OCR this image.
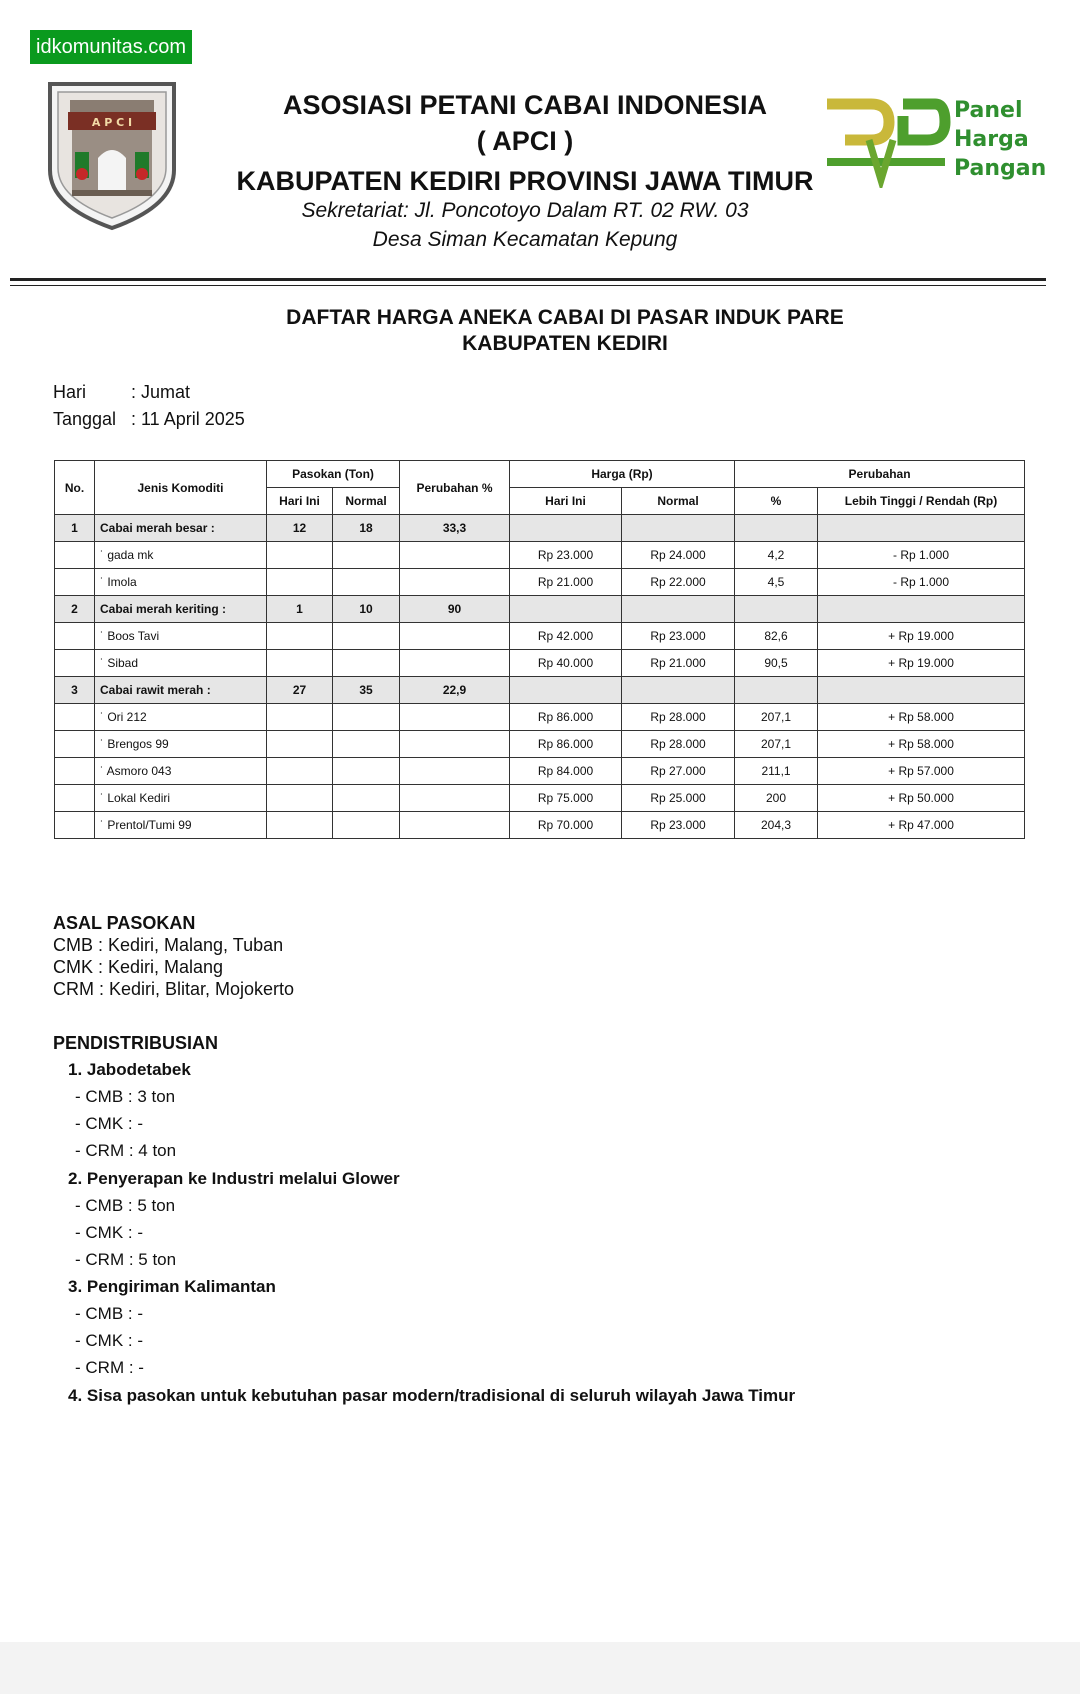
idkomunitas.com
A P C I	Panel
Harga
Pangan
ASOSIASI PETANI CABAI INDONESIA
( APCI )
KABUPATEN KEDIRI PROVINSI JAWA TIMUR
Sekretariat: Jl. Poncotoyo Dalam RT. 02 RW. 03
Desa Siman Kecamatan Kepung
DAFTAR HARGA ANEKA CABAI DI PASAR INDUK PARE
KABUPATEN KEDIRI
Hari : Jumat
Tanggal : 11 April 2025
No.	Jenis Komoditi	Pasokan (Ton)		Perubahan %	Harga (Rp)		Perubahan	
		Hari Ini	Normal		Hari Ini	Normal	%	Lebih Tinggi / Rendah (Rp)
1	Cabai merah besar :	12	18	33,3				
	˙ gada mk				Rp 23.000	Rp 24.000	4,2	- Rp 1.000
	˙ Imola				Rp 21.000	Rp 22.000	4,5	- Rp 1.000
2	Cabai merah keriting :	1	10	90				
	˙ Boos Tavi				Rp 42.000	Rp 23.000	82,6	+ Rp 19.000
	˙ Sibad				Rp 40.000	Rp 21.000	90,5	+ Rp 19.000
3	Cabai rawit merah :	27	35	22,9				
	˙ Ori 212				Rp 86.000	Rp 28.000	207,1	+ Rp 58.000
	˙ Brengos 99				Rp 86.000	Rp 28.000	207,1	+ Rp 58.000
	˙ Asmoro 043				Rp 84.000	Rp 27.000	211,1	+ Rp 57.000
	˙ Lokal Kediri				Rp 75.000	Rp 25.000	200	+ Rp 50.000
	˙ Prentol/Tumi 99				Rp 70.000	Rp 23.000	204,3	+ Rp 47.000
ASAL PASOKAN
CMB : Kediri, Malang, Tuban
CMK : Kediri, Malang
CRM : Kediri, Blitar, Mojokerto
PENDISTRIBUSIAN
1. Jabodetabek
- CMB : 3 ton
- CMK : -
- CRM : 4 ton
2. Penyerapan ke Industri melalui Glower
- CMB : 5 ton
- CMK : -
- CRM : 5 ton
3. Pengiriman Kalimantan
- CMB : -
- CMK : -
- CRM : -
4. Sisa pasokan untuk kebutuhan pasar modern/tradisional di seluruh wilayah Jawa Timur
